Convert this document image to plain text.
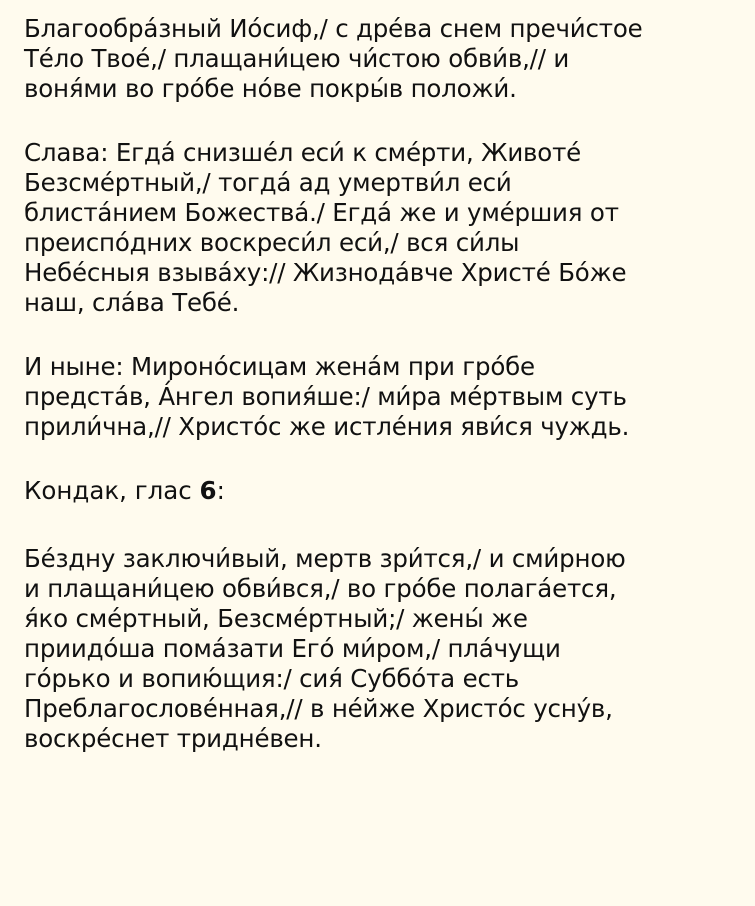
Благообра́зный Ио́сиф,/ с дре́ва снем пречи́стое
Те́ло Твое́,/ плащани́цею чи́стою обви́в,// и
воня́ми во гро́бе но́ве покры́в положи́.

Слава: Егда́ снизше́л еси́ к сме́рти, Животе́
Безсме́ртный,/ тогда́ ад умертви́л еси́
блиста́нием Божества́./ Егда́ же и уме́ршия от
преиспо́дних воскреси́л еси́,/ вся си́лы
Небе́сныя взыва́ху:// Жизнода́вче Христе́ Бо́же
наш, сла́ва Тебе́.

И ныне: Мироно́сицам жена́м при гро́бе
предста́в, А́нгел вопия́ше:/ ми́ра ме́ртвым суть
прили́чна,// Христо́с же истле́ния яви́ся чуждь.

Кондак, глас 6:

Бе́здну заключи́вый, мертв зри́тся,/ и сми́рною
и плащани́цею обви́вся,/ во гро́бе полага́ется,
я́ко сме́ртный, Безсме́ртный;/ жены́ же
приидо́ша пома́зати Его́ ми́ром,/ пла́чущи
го́рько и вопию́щия:/ сия́ Суббо́та есть
Преблагослове́нная,// в не́йже Христо́с усну́в,
воскре́снет тридне́вен.
